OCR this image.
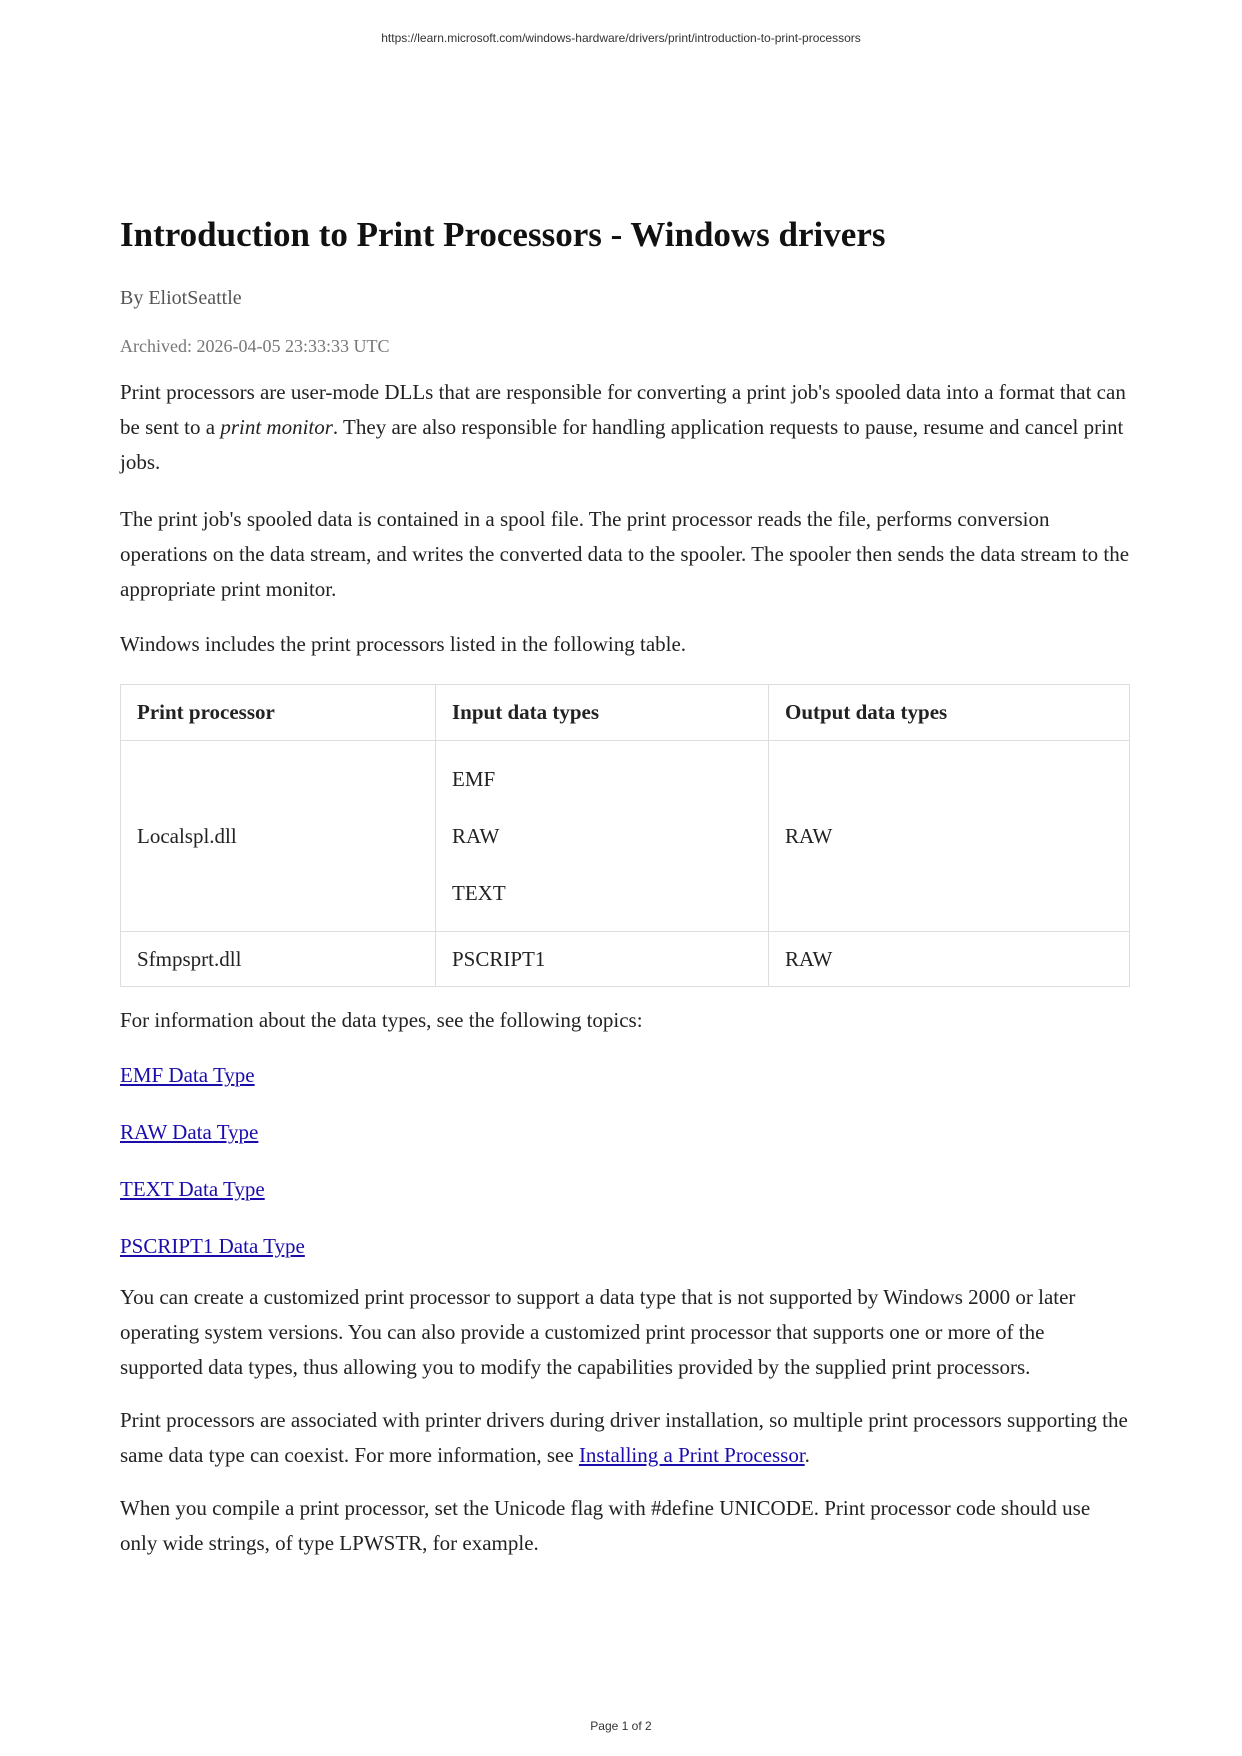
https://learn.microsoft.com/windows-hardware/drivers/print/introduction-to-print-processors
Introduction to Print Processors - Windows drivers
By EliotSeattle
Archived: 2026-04-05 23:33:33 UTC

Print processors are user-mode DLLs that are responsible for converting a print job's spooled data into a format that can be sent to a print monitor. They are also responsible for handling application requests to pause, resume and cancel print jobs.

The print job's spooled data is contained in a spool file. The print processor reads the file, performs conversion operations on the data stream, and writes the converted data to the spooler. The spooler then sends the data stream to the appropriate print monitor.

Windows includes the print processors listed in the following table.

Print processor	Input data types	Output data types
Localspl.dll	EMF
RAW
TEXT	RAW
Sfmpsprt.dll	PSCRIPT1	RAW

For information about the data types, see the following topics:

EMF Data Type

RAW Data Type

TEXT Data Type

PSCRIPT1 Data Type

You can create a customized print processor to support a data type that is not supported by Windows 2000 or later operating system versions. You can also provide a customized print processor that supports one or more of the supported data types, thus allowing you to modify the capabilities provided by the supplied print processors.

Print processors are associated with printer drivers during driver installation, so multiple print processors supporting the same data type can coexist. For more information, see Installing a Print Processor.

When you compile a print processor, set the Unicode flag with #define UNICODE. Print processor code should use only wide strings, of type LPWSTR, for example.

Page 1 of 2
